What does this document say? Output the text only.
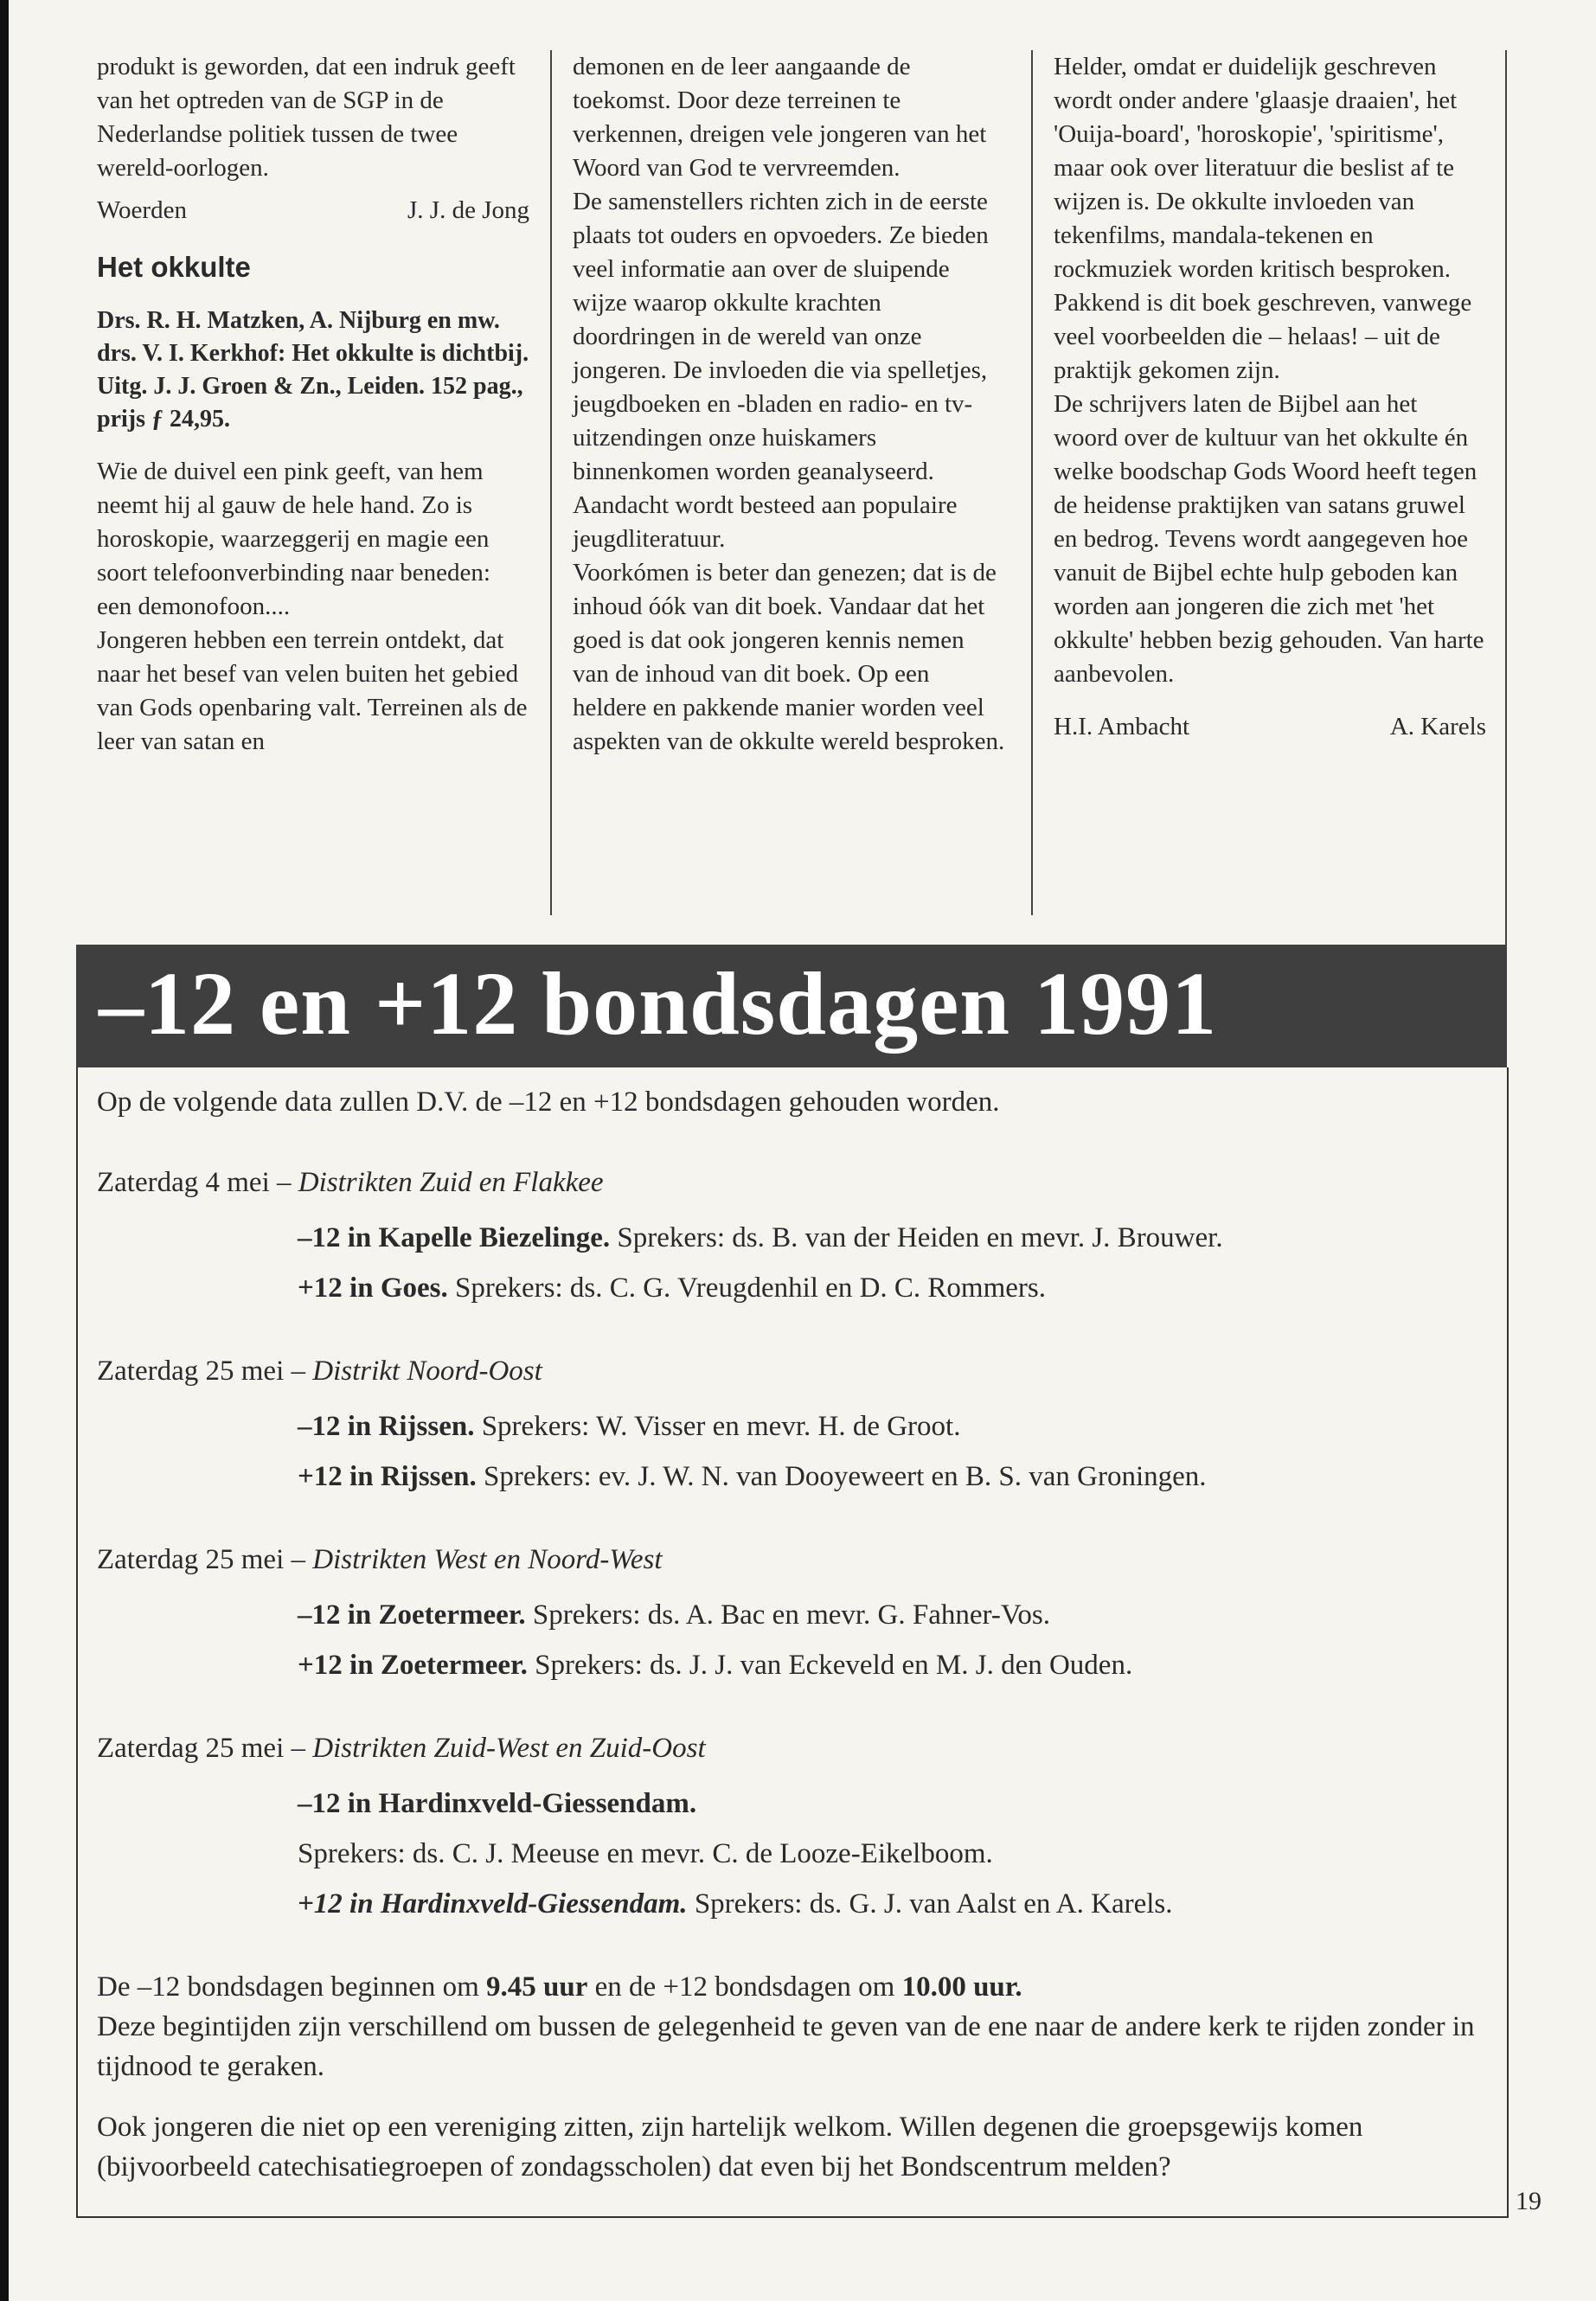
produkt is geworden, dat een indruk geeft van het optreden van de SGP in de Nederlandse politiek tussen de twee wereld-oorlogen.

Woerden	J. J. de Jong
Het okkulte
Drs. R. H. Matzken, A. Nijburg en mw. drs. V. I. Kerkhof: Het okkulte is dichtbij.
Uitg. J. J. Groen & Zn., Leiden. 152 pag., prijs ƒ 24,95.

Wie de duivel een pink geeft, van hem neemt hij al gauw de hele hand. Zo is horoskopie, waarzeggerij en magie een soort telefoonverbinding naar beneden: een demonofoon....

Jongeren hebben een terrein ontdekt, dat naar het besef van velen buiten het gebied van Gods openbaring valt. Terreinen als de leer van satan en

demonen en de leer aangaande de toekomst. Door deze terreinen te verkennen, dreigen vele jongeren van het Woord van God te vervreemden.

De samenstellers richten zich in de eerste plaats tot ouders en opvoeders. Ze bieden veel informatie aan over de sluipende wijze waarop okkulte krachten doordringen in de wereld van onze jongeren. De invloeden die via spelletjes, jeugdboeken en -bladen en radio- en tv-uitzendingen onze huiskamers binnenkomen worden geanalyseerd. Aandacht wordt besteed aan populaire jeugdliteratuur.

Voorkómen is beter dan genezen; dat is de inhoud óók van dit boek. Vandaar dat het goed is dat ook jongeren kennis nemen van de inhoud van dit boek. Op een heldere en pakkende manier worden veel aspekten van de okkulte wereld besproken.

Helder, omdat er duidelijk geschreven wordt onder andere 'glaasje draaien', het 'Ouija-board', 'horoskopie', 'spiritisme', maar ook over literatuur die beslist af te wijzen is. De okkulte invloeden van tekenfilms, mandala-tekenen en rockmuziek worden kritisch besproken. Pakkend is dit boek geschreven, vanwege veel voorbeelden die – helaas! – uit de praktijk gekomen zijn.

De schrijvers laten de Bijbel aan het woord over de kultuur van het okkulte én welke boodschap Gods Woord heeft tegen de heidense praktijken van satans gruwel en bedrog. Tevens wordt aangegeven hoe vanuit de Bijbel echte hulp geboden kan worden aan jongeren die zich met 'het okkulte' hebben bezig gehouden. Van harte aanbevolen.

H.I. Ambacht	A. Karels
–12 en +12 bondsdagen 1991

Op de volgende data zullen D.V. de –12 en +12 bondsdagen gehouden worden.

Zaterdag 4 mei – Distrikten Zuid en Flakkee
–12 in Kapelle Biezelinge. Sprekers: ds. B. van der Heiden en mevr. J. Brouwer.
+12 in Goes. Sprekers: ds. C. G. Vreugdenhil en D. C. Rommers.
Zaterdag 25 mei – Distrikt Noord-Oost
–12 in Rijssen. Sprekers: W. Visser en mevr. H. de Groot.
+12 in Rijssen. Sprekers: ev. J. W. N. van Dooyeweert en B. S. van Groningen.
Zaterdag 25 mei – Distrikten West en Noord-West
–12 in Zoetermeer. Sprekers: ds. A. Bac en mevr. G. Fahner-Vos.
+12 in Zoetermeer. Sprekers: ds. J. J. van Eckeveld en M. J. den Ouden.
Zaterdag 25 mei – Distrikten Zuid-West en Zuid-Oost
–12 in Hardinxveld-Giessendam.
Sprekers: ds. C. J. Meeuse en mevr. C. de Looze-Eikelboom.
+12 in Hardinxveld-Giessendam. Sprekers: ds. G. J. van Aalst en A. Karels.

De –12 bondsdagen beginnen om 9.45 uur en de +12 bondsdagen om 10.00 uur.

Deze begintijden zijn verschillend om bussen de gelegenheid te geven van de ene naar de andere kerk te rijden zonder in tijdnood te geraken.

Ook jongeren die niet op een vereniging zitten, zijn hartelijk welkom. Willen degenen die groepsgewijs komen (bijvoorbeeld catechisatiegroepen of zondagsscholen) dat even bij het Bondscentrum melden?

19
